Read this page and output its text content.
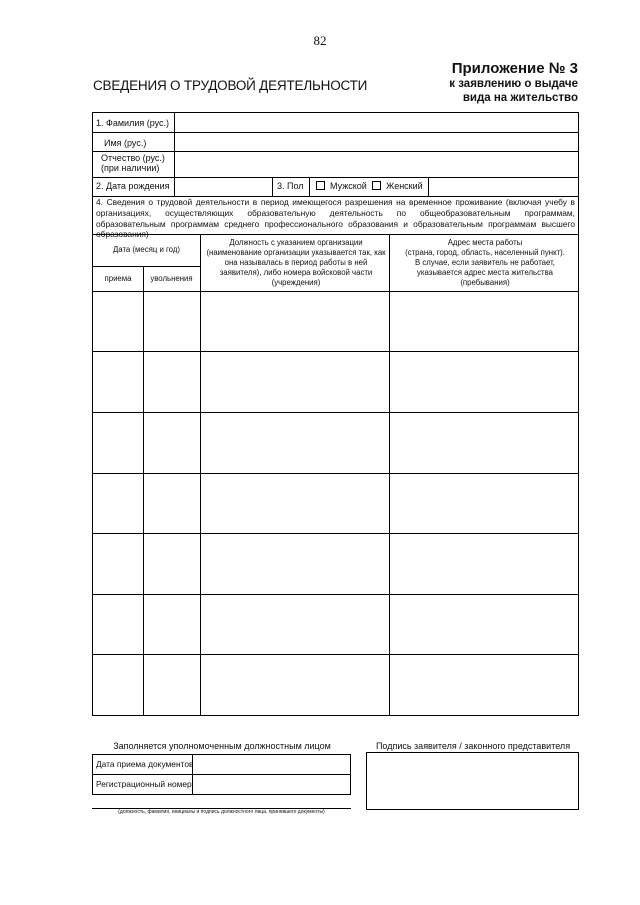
82
СВЕДЕНИЯ О ТРУДОВОЙ ДЕЯТЕЛЬНОСТИ
Приложение № 3
к заявлению о выдаче
вида на жительство
1. Фамилия (рус.)
Имя (рус.)
Отчество (рус.)
(при наличии)
2. Дата рождения	3. Пол	Мужской Женский
4. Сведения о трудовой деятельности в период имеющегося разрешения на временное проживание (включая учебу в организациях, осуществляющих образовательную деятельность по общеобразовательным программам, образовательным программам среднего профессионального образования и образовательным программам высшего образования)
Дата (месяц и год)
приема	увольнения
Должность с указанием организации (наименование организации указывается так, как она называлась в период работы в ней заявителя), либо номера войсковой части (учреждения)
Адрес места работы
(страна, город, область, населенный пункт).
В случае, если заявитель не работает, указывается адрес места жительства (пребывания)
Заполняется уполномоченным должностным лицом	Подпись заявителя / законного представителя
Дата приема документов
Регистрационный номер
(должность, фамилия, инициалы и подпись должностного лица, принявшего документы)
